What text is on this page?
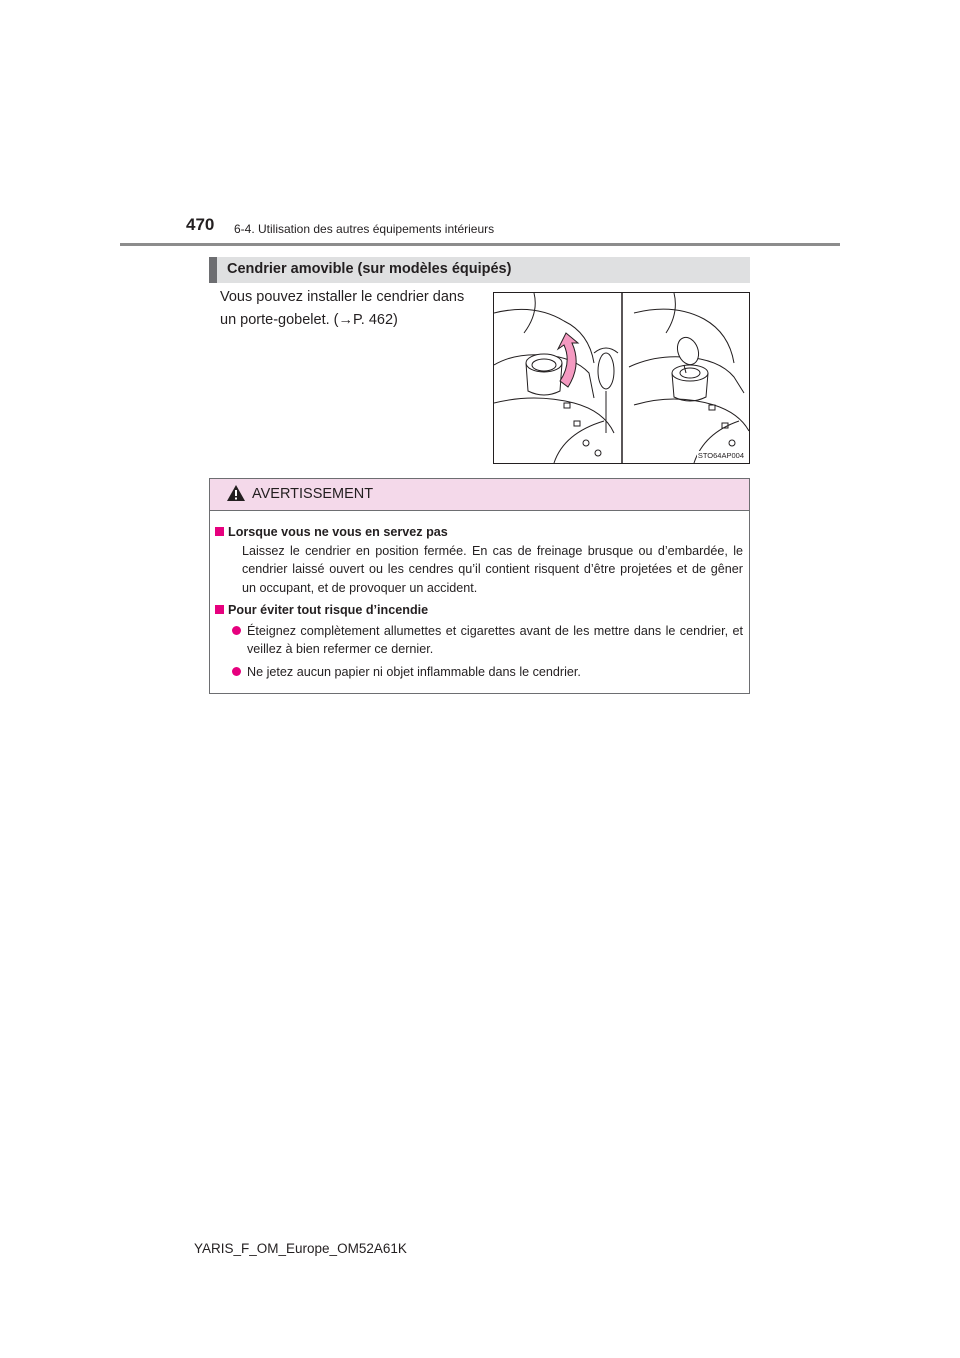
470 6-4. Utilisation des autres équipements intérieurs
Cendrier amovible (sur modèles équipés)
Vous pouvez installer le cendrier dans
un porte-gobelet. (→P. 462)
STO64AP004
AVERTISSEMENT
Lorsque vous ne vous en servez pas
Laissez le cendrier en position fermée. En cas de freinage brusque ou d’embardée, le cendrier laissé ouvert ou les cendres qu’il contient risquent d’être projetées et de gêner un occupant, et de provoquer un accident.
Pour éviter tout risque d’incendie
Éteignez complètement allumettes et cigarettes avant de les mettre dans le cendrier, et veillez à bien refermer ce dernier.
Ne jetez aucun papier ni objet inflammable dans le cendrier.
YARIS_F_OM_Europe_OM52A61K
